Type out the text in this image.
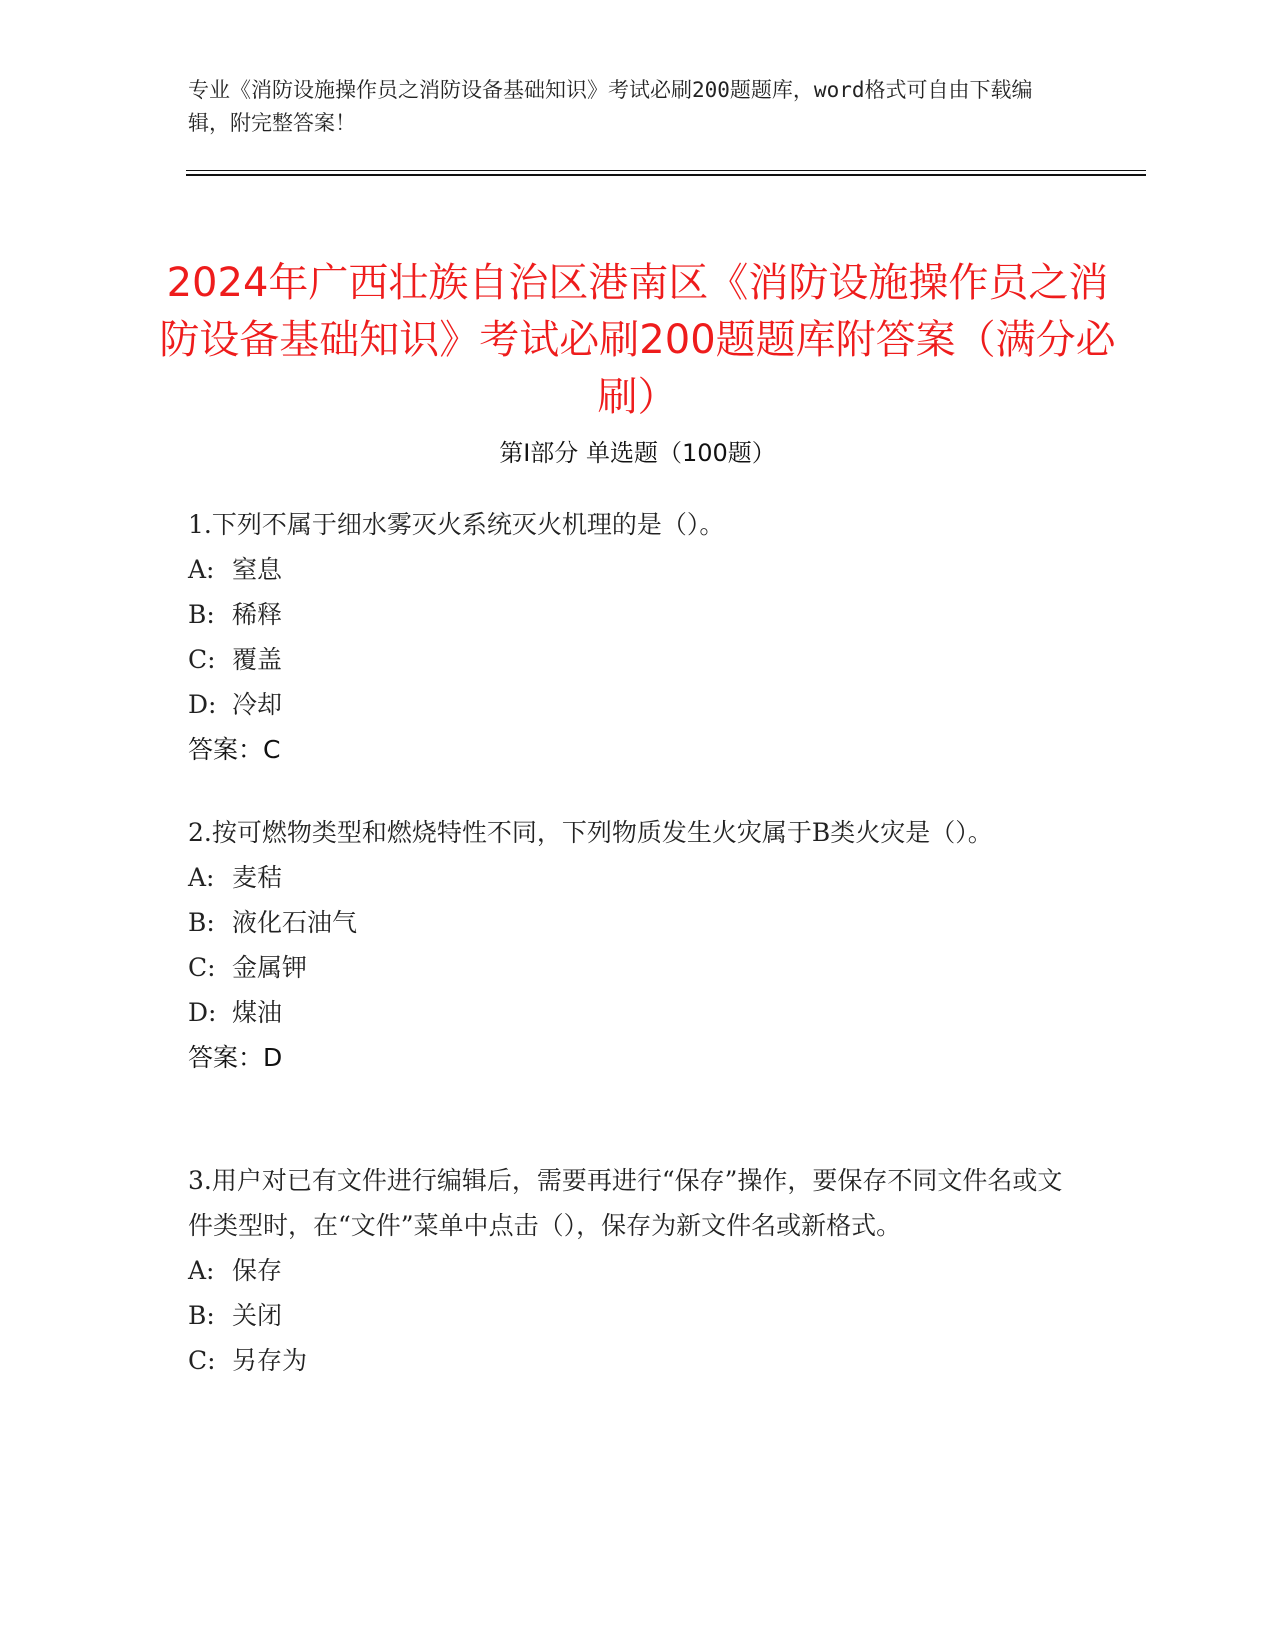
专业《消防设施操作员之消防设备基础知识》考试必刷200题题库，word格式可自由下载编辑，附完整答案！
2024年广西壮族自治区港南区《消防设施操作员之消防设备基础知识》考试必刷200题题库附答案（满分必刷）
第Ⅰ部分 单选题（100题）

1.下列不属于细水雾灭火系统灭火机理的是（）。

A: 窒息

B: 稀释

C: 覆盖

D: 冷却

答案：C

2.按可燃物类型和燃烧特性不同，下列物质发生火灾属于B类火灾是（）。

A: 麦秸

B: 液化石油气

C: 金属钾

D: 煤油

答案：D

3.用户对已有文件进行编辑后，需要再进行“保存”操作，要保存不同文件名或文件类型时，在“文件”菜单中点击（），保存为新文件名或新格式。

A: 保存

B: 关闭

C: 另存为
